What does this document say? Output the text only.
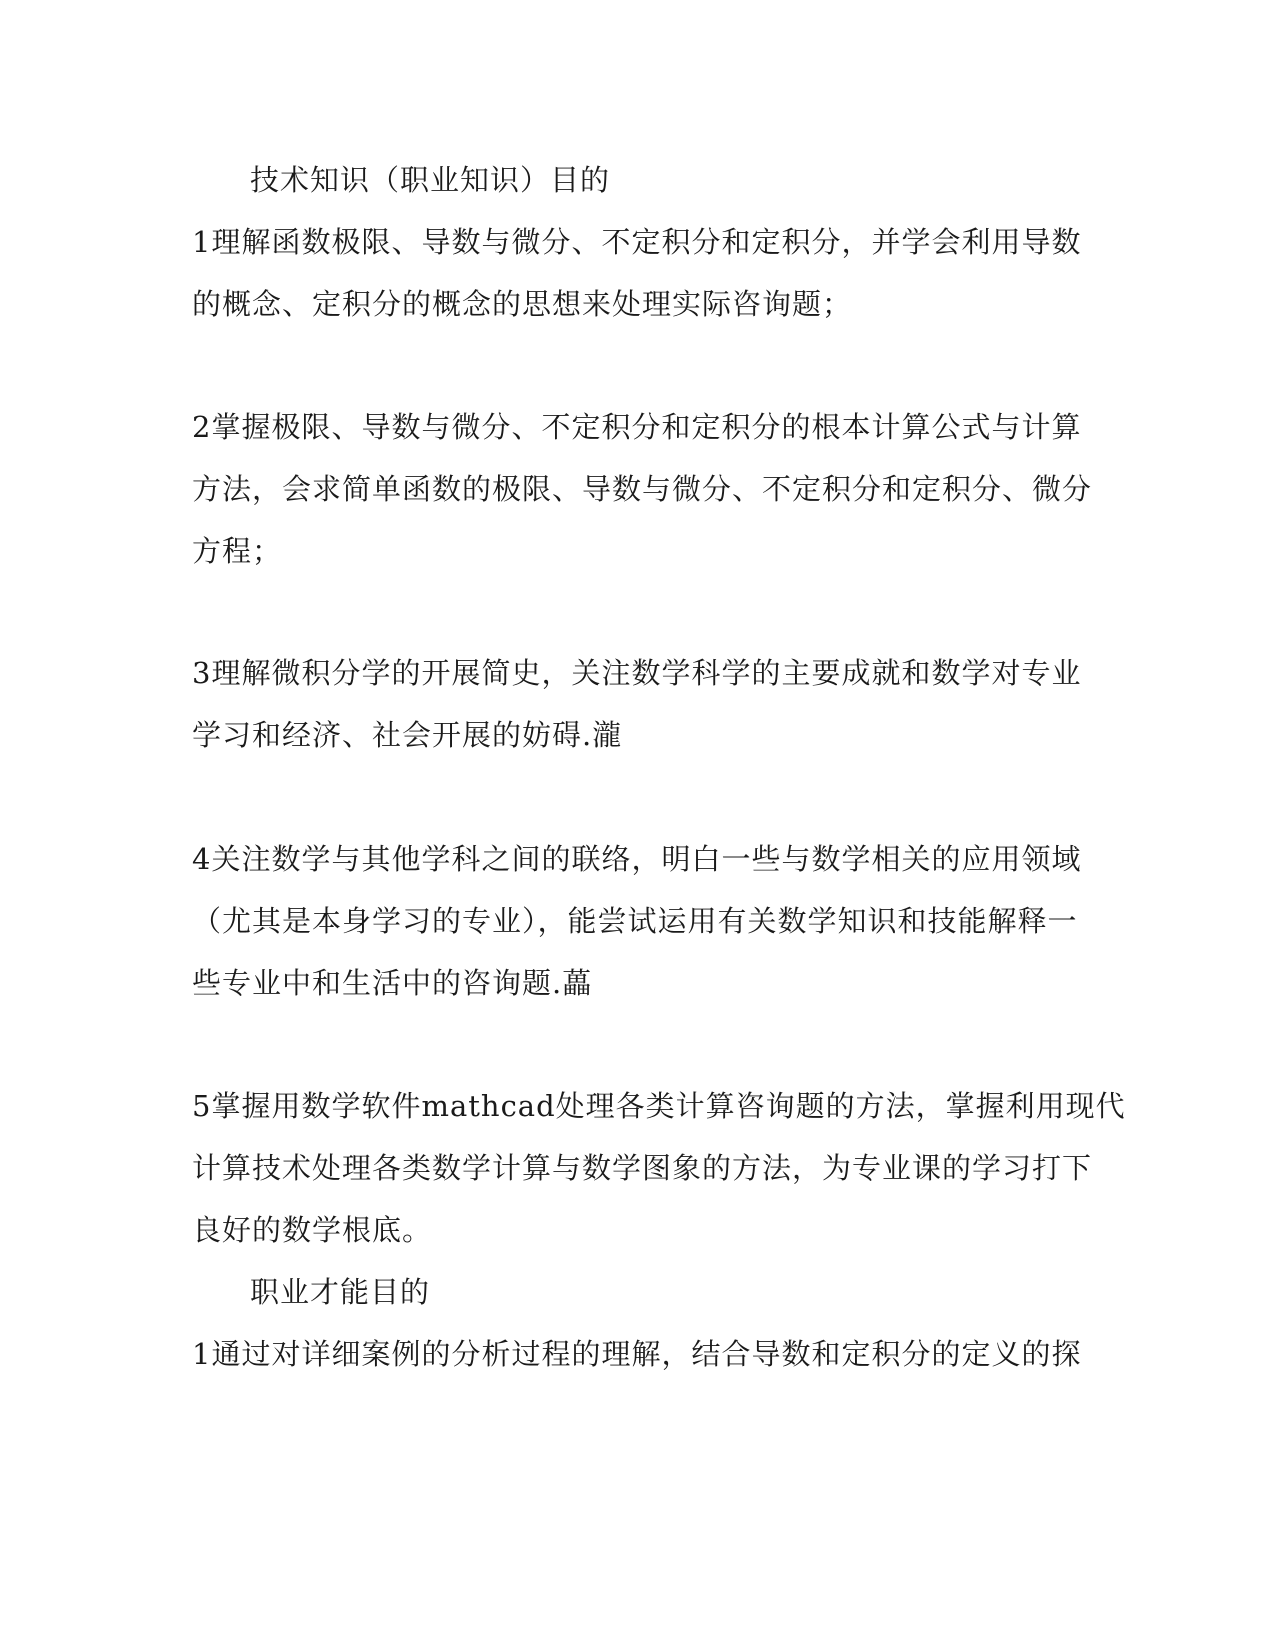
技术知识（职业知识）目的
1理解函数极限、导数与微分、不定积分和定积分，并学会利用导数
的概念、定积分的概念的思想来处理实际咨询题；
2掌握极限、导数与微分、不定积分和定积分的根本计算公式与计算
方法，会求简单函数的极限、导数与微分、不定积分和定积分、微分
方程；
3理解微积分学的开展简史，关注数学科学的主要成就和数学对专业
学习和经济、社会开展的妨碍.瀧
4关注数学与其他学科之间的联络，明白一些与数学相关的应用领域
（尤其是本身学习的专业），能尝试运用有关数学知识和技能解释一
些专业中和生活中的咨询题.藟
5掌握用数学软件mathcad处理各类计算咨询题的方法，掌握利用现代
计算技术处理各类数学计算与数学图象的方法，为专业课的学习打下
良好的数学根底。
职业才能目的
1通过对详细案例的分析过程的理解，结合导数和定积分的定义的探
